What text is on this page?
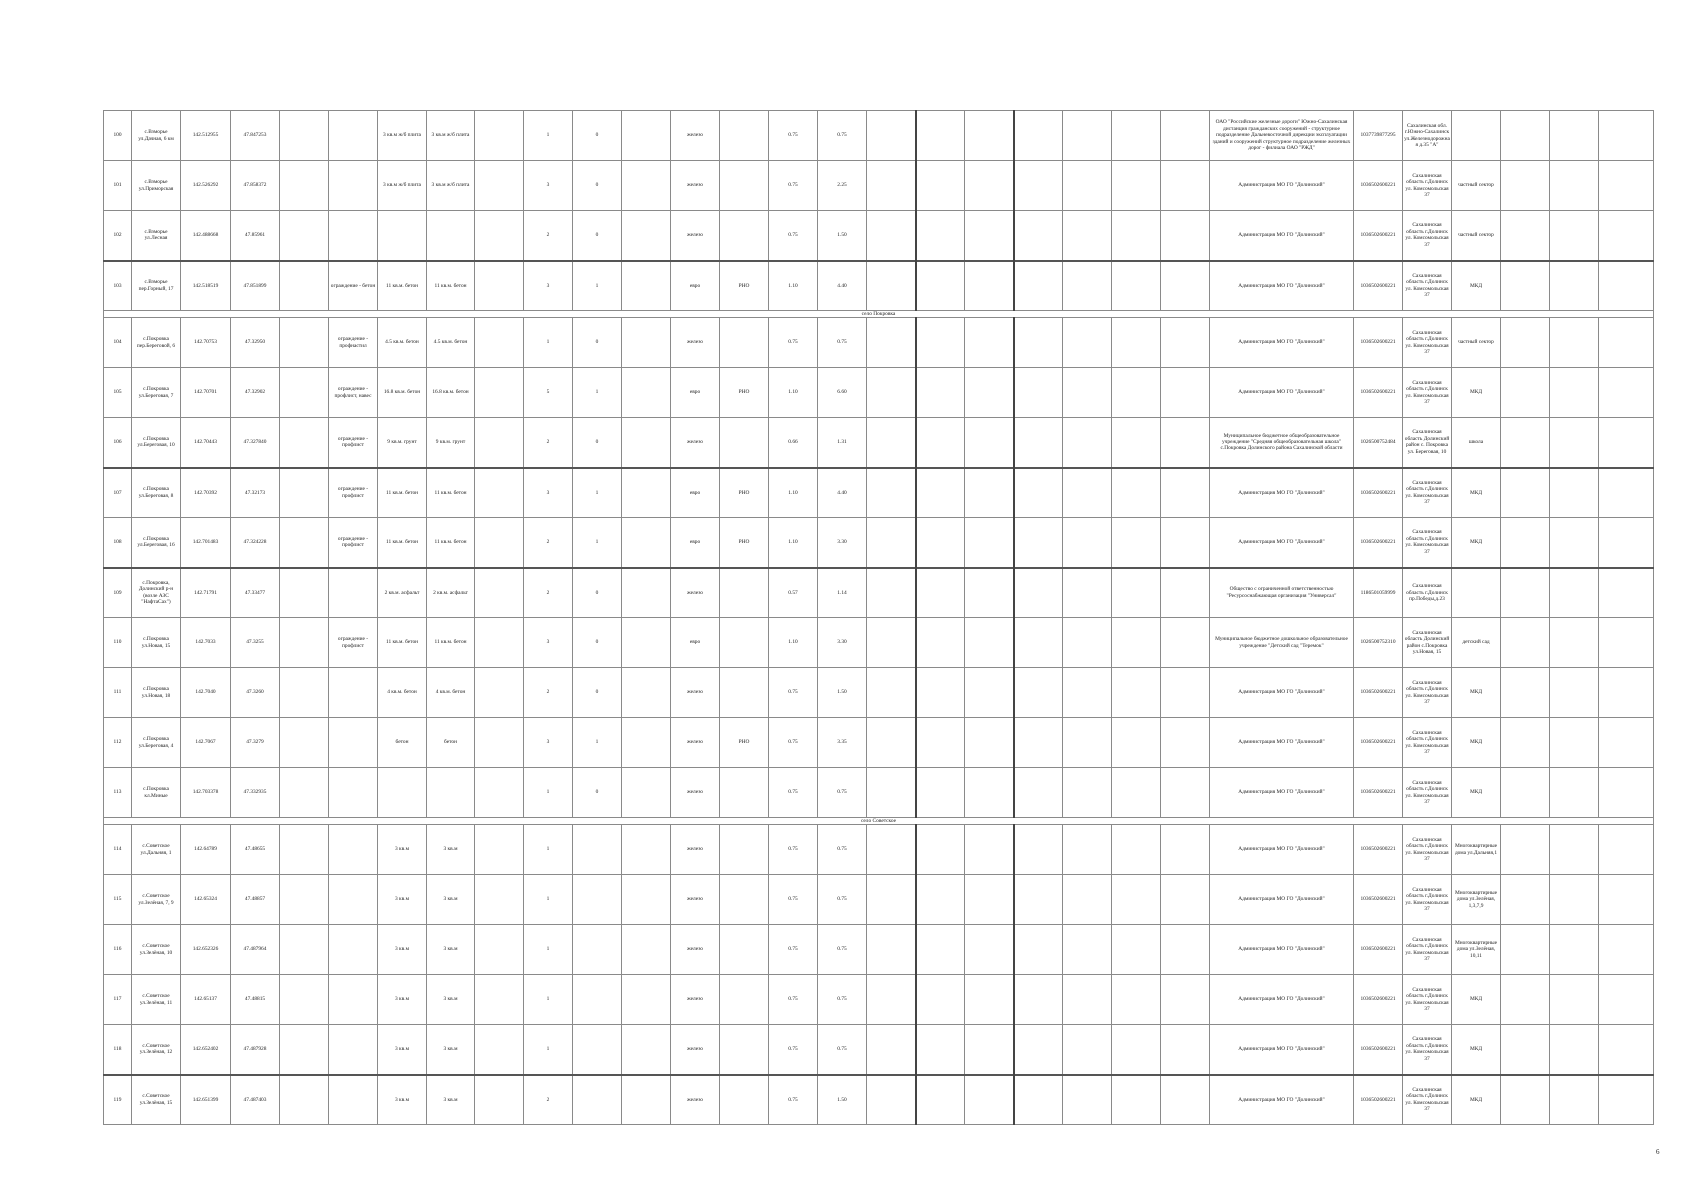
100	с.Взморье ул.Дачная, 6 км	142.512955	47.847253			3 кв.м ж/б плита	3 кв.м ж/б плита		1	0		железо		0.75	0.75								ОАО "Российские железные дороги" Южно-Сахалинская дистанция гражданских сооружений - структурное подразделение Дальневосточной дирекции эксплуатации зданий и сооружений структурное подразделение железных дорог - филиала ОАО "РЖД"	1037739877295	Сахалинская обл. г.Южно-Сахалинск ул.Железнодорожная д.35 "А"				
101	с.Взморье ул.Приморская	142.526292	47.858372			3 кв.м ж/б плита	3 кв.м ж/б плита		3	0		железо		0.75	2.25								Администрация МО ГО "Долинский"	1036502600221	Сахалинская область г.Долинск ул. Комсомольская 37	частный сектор			
102	с.Взморье ул.Лесная	142.488668	47.85961						2	0		железо		0.75	1.50								Администрация МО ГО "Долинский"	1036502600221	Сахалинская область г.Долинск ул. Комсомольская 37	частный сектор			
103	с.Взморье пер.Горный, 17	142.518519	47.851899		ограждение - бетон	11 кв.м. бетон	11 кв.м. бетон		3	1		евро	РНО	1.10	4.40								Администрация МО ГО "Долинский"	1036502600221	Сахалинская область г.Долинск ул. Комсомольская 37	МКД			
село Покровка																													
104	с.Покровка пер.Береговой, 6	142.70753	47.32950		ограждение - профнастил	4.5 кв.м. бетон	4.5 кв.м. бетон		1	0		железо		0.75	0.75								Администрация МО ГО "Долинский"	1036502600221	Сахалинская область г.Долинск ул. Комсомольская 37	частный сектор			
105	с.Покровка ул.Береговая, 7	142.70701	47.32902		ограждение - профлист, навес	16.8 кв.м. бетон	16.8 кв.м. бетон		5	1		евро	РНО	1.10	6.60								Администрация МО ГО "Долинский"	1036502600221	Сахалинская область г.Долинск ул. Комсомольская 37	МКД			
106	с.Покровка ул.Береговая, 10	142.70443	47.327840		ограждение - профлист	9 кв.м. грунт	9 кв.м. грунт		2	0		железо		0.66	1.31								Муниципальное бюджетное общеобразовательное учреждение "Средняя общеобразовательная школа" с.Покровка Долинского района Сахалинской области	1026500752484	Сахалинская область Долинский район с. Покровка ул. Береговая, 10	школа			
107	с.Покровка ул.Береговая, 8	142.70392	47.32173		ограждение - профлист	11 кв.м. бетон	11 кв.м. бетон		3	1		евро	РНО	1.10	4.40								Администрация МО ГО "Долинский"	1036502600221	Сахалинская область г.Долинск ул. Комсомольская 37	МКД			
108	с.Покровка ул.Береговая, 16	142.701483	47.324228		ограждение - профлист	11 кв.м. бетон	11 кв.м. бетон		2	1		евро	РНО	1.10	3.30								Администрация МО ГО "Долинский"	1036502600221	Сахалинская область г.Долинск ул. Комсомольская 37	МКД			
109	с.Покровка, Долинский р-н (возле АЗС "НафтаСах")	142.71791	47.33477			2 кв.м. асфальт	2 кв.м. асфальт		2	0		железо		0.57	1.14								Общество с ограниченной ответственностью "Ресурсоснабжающая организация "Универсал"	1186501059999	Сахалинская область г.Долинск пр.Победы,д.23				
110	с.Покровка ул.Новая, 15	142.7033	47.3255		ограждение - профлист	11 кв.м. бетон	11 кв.м. бетон		3	0		евро		1.10	3.30								Муниципальное бюджетное дошкольное образовательное учреждение "Детский сад "Теремок"	1026500752310	Сахалинская область Долинский район с.Покровка ул.Новая, 15	детский сад			
111	с.Покровка ул.Новая, 18	142.7040	47.3260			4 кв.м. бетон	4 кв.м. бетон		2	0		железо		0.75	1.50								Администрация МО ГО "Долинский"	1036502600221	Сахалинская область г.Долинск ул. Комсомольская 37	МКД			
112	с.Покровка ул.Береговая, 4	142.7067	47.3279			бетон	бетон		3	1		железо	РНО	0.75	3.35								Администрация МО ГО "Долинский"	1036502600221	Сахалинская область г.Долинск ул. Комсомольская 37	МКД			
113	с.Покровка кл.Миные	142.703378	47.332935						1	0		железо		0.75	0.75								Администрация МО ГО "Долинский"	1036502600221	Сахалинская область г.Долинск ул. Комсомольская 37	МКД			
село Советское																													
114	с.Советское ул.Дальняя, 1	142.64789	47.48655			3 кв.м	3 кв.м		1			железо		0.75	0.75								Администрация МО ГО "Долинский"	1036502600221	Сахалинская область г.Долинск ул. Комсомольская 37	Многоквартирные дома ул.Дальняя,1			
115	с.Советское ул.Зелёная, 7, 9	142.65324	47.48857			3 кв.м	3 кв.м		1			железо		0.75	0.75								Администрация МО ГО "Долинский"	1036502600221	Сахалинская область г.Долинск ул. Комсомольская 37	Многоквартирные дома ул.Зелёная, 1,3,7,9			
116	с.Советское ул.Зелёная, 10	142.652326	47.487964			3 кв.м	3 кв.м		1			железо		0.75	0.75								Администрация МО ГО "Долинский"	1036502600221	Сахалинская область г.Долинск ул. Комсомольская 37	Многоквартирные дома ул.Зелёная, 10,11			
117	с.Советское ул.Зелёная, 11	142.65137	47.48815			3 кв.м	3 кв.м		1			железо		0.75	0.75								Администрация МО ГО "Долинский"	1036502600221	Сахалинская область г.Долинск ул. Комсомольская 37	МКД			
118	с.Советское ул.Зелёная, 12	142.652402	47.487928			3 кв.м	3 кв.м		1			железо		0.75	0.75								Администрация МО ГО "Долинский"	1036502600221	Сахалинская область г.Долинск ул. Комсомольская 37	МКД			
119	с.Советское ул.Зелёная, 15	142.651399	47.487403			3 кв.м	3 кв.м		2			железо		0.75	1.50								Администрация МО ГО "Долинский"	1036502600221	Сахалинская область г.Долинск ул. Комсомольская 37	МКД			
6
